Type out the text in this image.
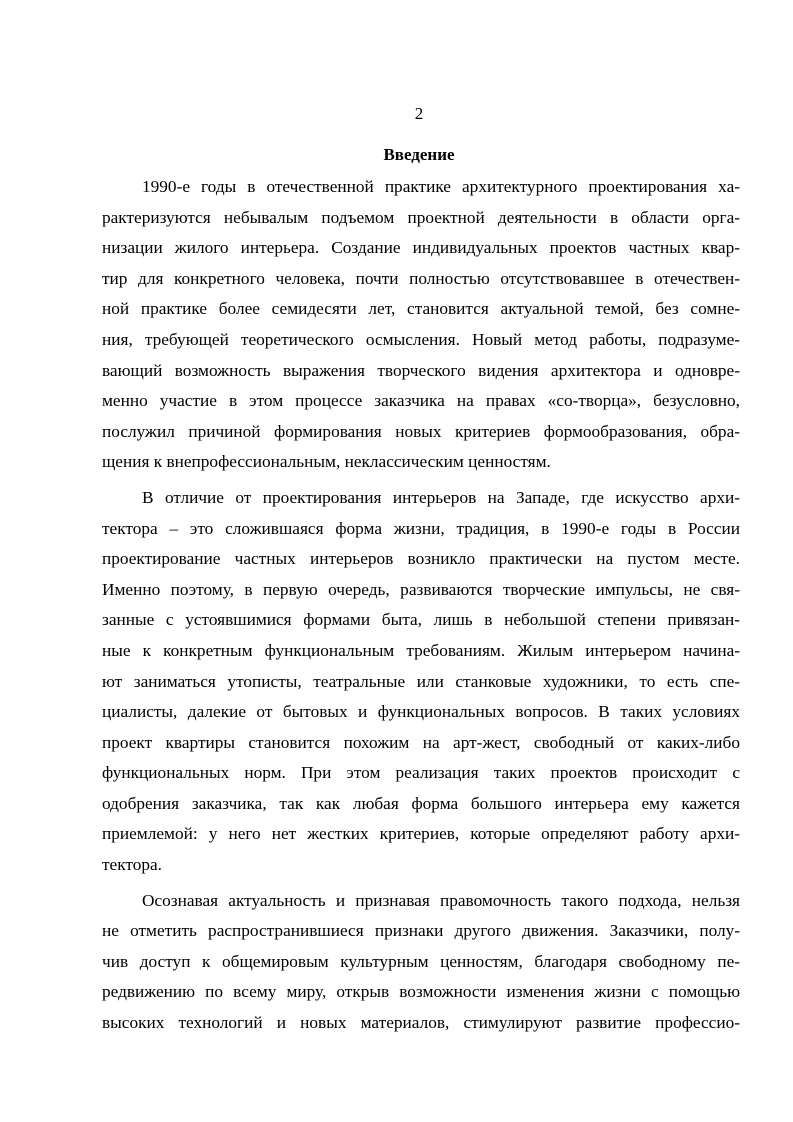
2
Введение
1990-е годы в отечественной практике архитектурного проектирования ха-
рактеризуются небывалым подъемом проектной деятельности в области орга-
низации жилого интерьера. Создание индивидуальных проектов частных квар-
тир для конкретного человека, почти полностью отсутствовавшее в отечествен-
ной практике более семидесяти лет, становится актуальной темой, без сомне-
ния, требующей теоретического осмысления. Новый метод работы, подразуме-
вающий возможность выражения творческого видения архитектора и одновре-
менно участие в этом процессе заказчика на правах «со-творца», безусловно,
послужил причиной формирования новых критериев формообразования, обра-
щения к внепрофессиональным, неклассическим ценностям.
В отличие от проектирования интерьеров на Западе, где искусство архи-
тектора – это сложившаяся форма жизни, традиция, в 1990-е годы в России
проектирование частных интерьеров возникло практически на пустом месте.
Именно поэтому, в первую очередь, развиваются творческие импульсы, не свя-
занные с устоявшимися формами быта, лишь в небольшой степени привязан-
ные к конкретным функциональным требованиям. Жилым интерьером начина-
ют заниматься утописты, театральные или станковые художники, то есть спе-
циалисты, далекие от бытовых и функциональных вопросов. В таких условиях
проект квартиры становится похожим на арт-жест, свободный от каких-либо
функциональных норм. При этом реализация таких проектов происходит с
одобрения заказчика, так как любая форма большого интерьера ему кажется
приемлемой: у него нет жестких критериев, которые определяют работу архи-
тектора.
Осознавая актуальность и признавая правомочность такого подхода, нельзя
не отметить распространившиеся признаки другого движения. Заказчики, полу-
чив доступ к общемировым культурным ценностям, благодаря свободному пе-
редвижению по всему миру, открыв возможности изменения жизни с помощью
высоких технологий и новых материалов, стимулируют развитие профессио-
